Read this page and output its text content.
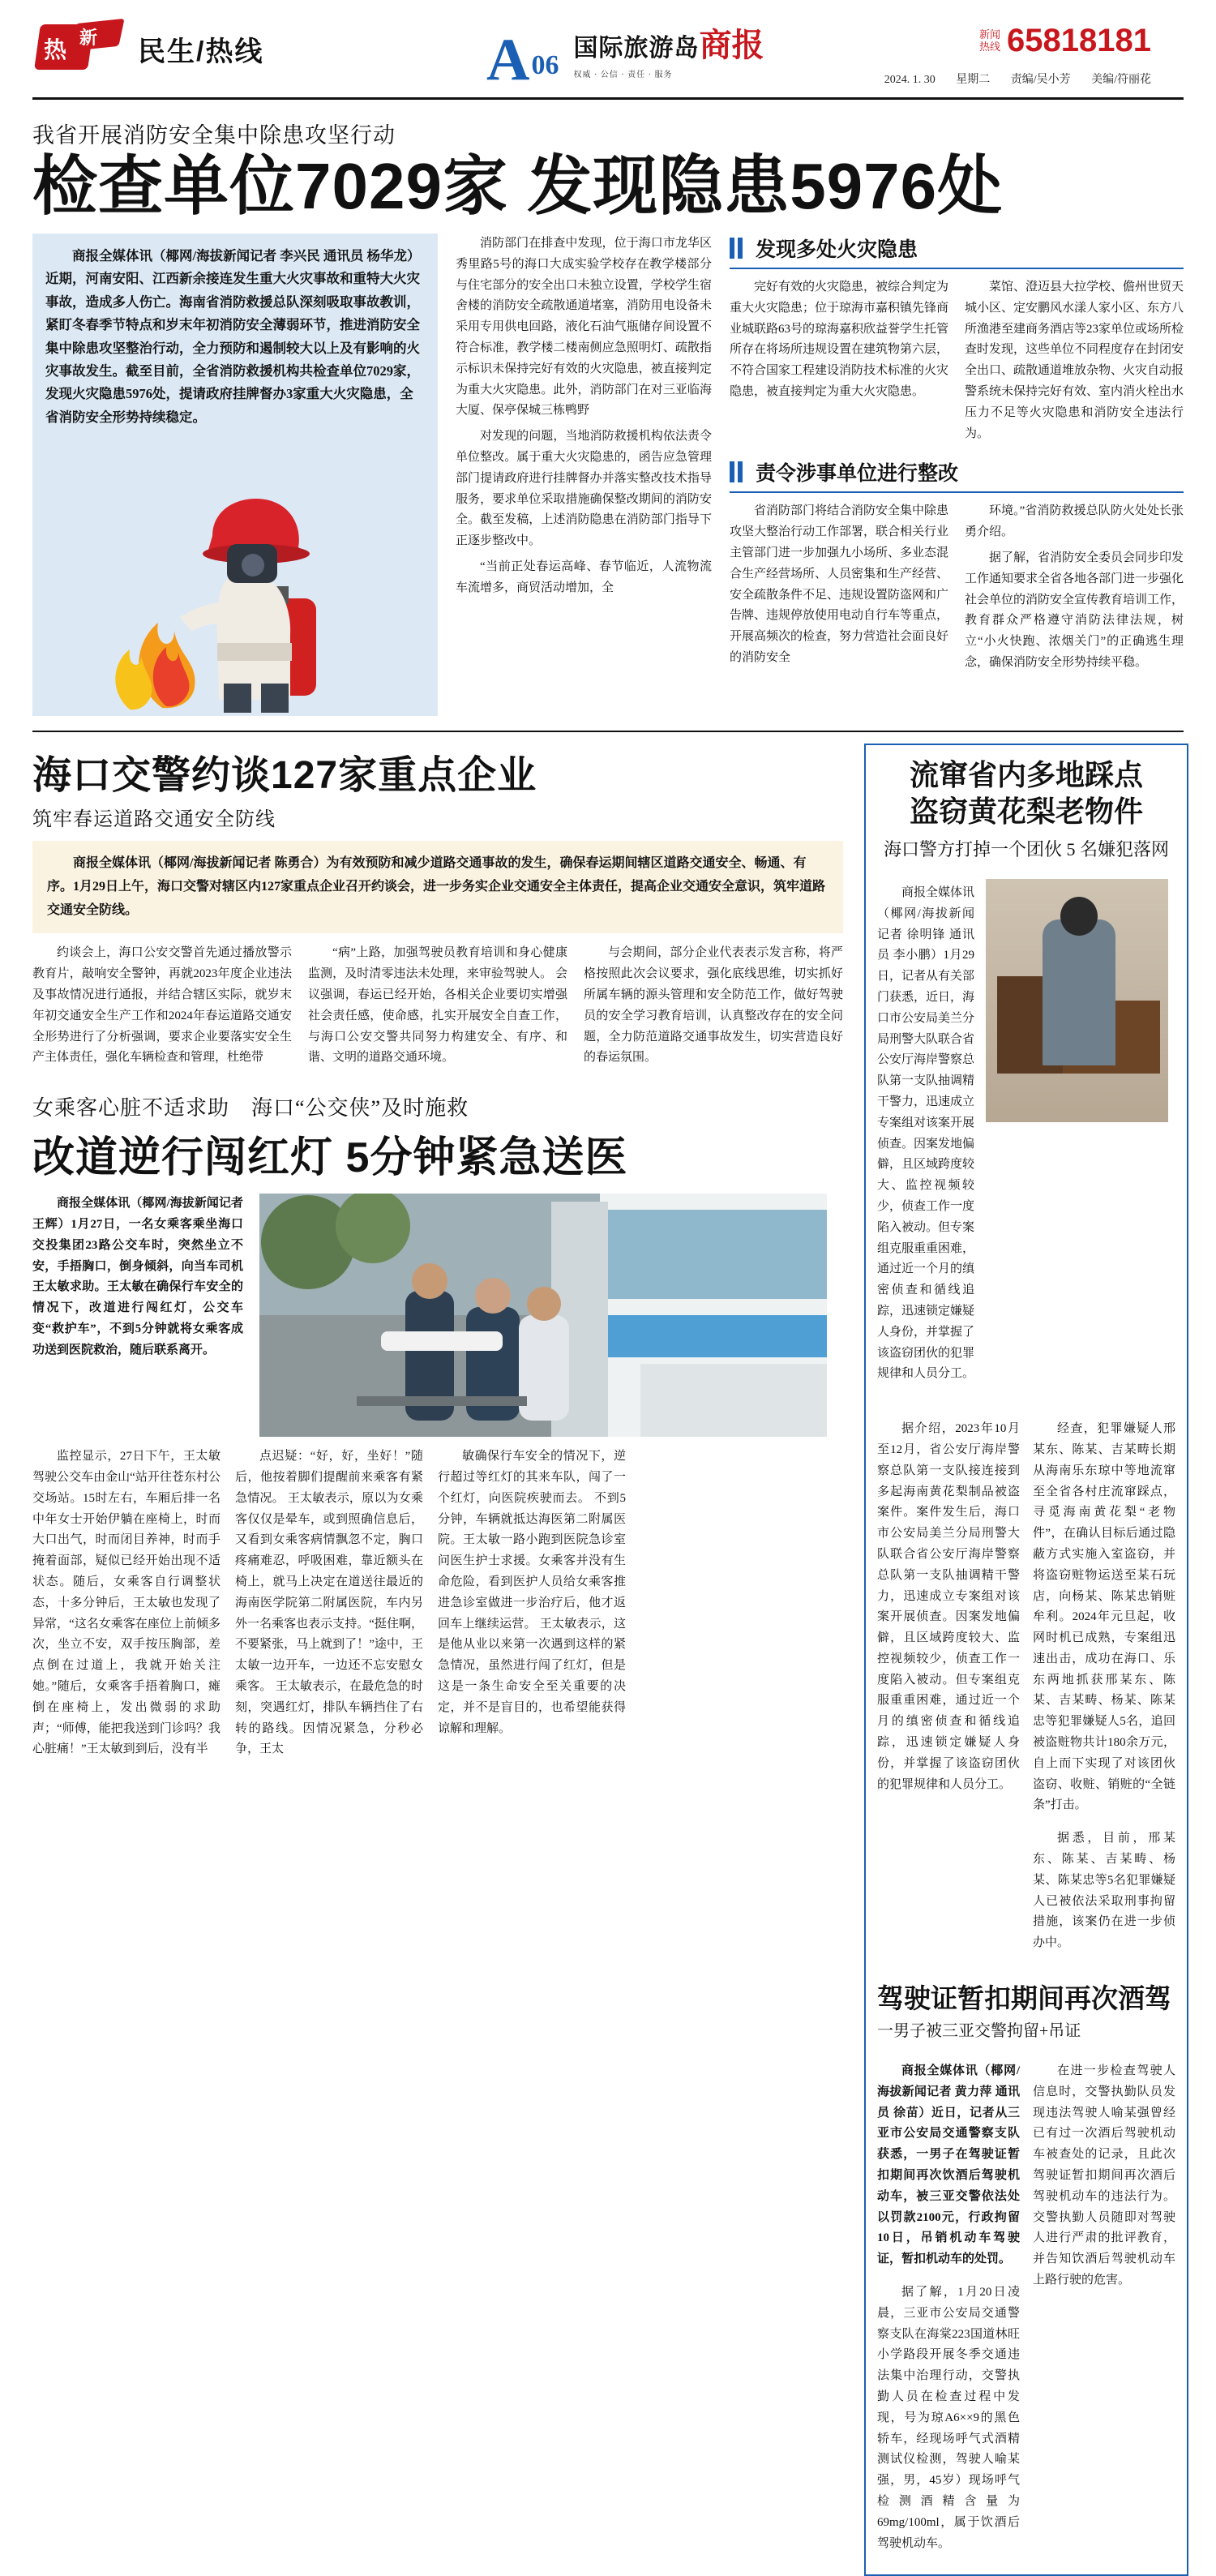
热 新 民生/热线	A 06
国际旅游岛商报
权威 · 公信 · 责任 · 服务
新闻
热线 65818181
2024. 1. 30 星期二 责编/吴小芳 美编/符丽花
我省开展消防安全集中除患攻坚行动
检查单位7029家 发现隐患5976处
商报全媒体讯（椰网/海拔新闻记者 李兴民 通讯员 杨华龙）近期，河南安阳、江西新余接连发生重大火灾事故和重特大火灾事故，造成多人伤亡。海南省消防救援总队深刻吸取事故教训，紧盯冬春季节特点和岁末年初消防安全薄弱环节，推进消防安全集中除患攻坚整治行动，全力预防和遏制较大以上及有影响的火灾事故发生。截至目前，全省消防救援机构共检查单位7029家，发现火灾隐患5976处，提请政府挂牌督办3家重大火灾隐患，全省消防安全形势持续稳定。

消防部门在排查中发现，位于海口市龙华区秀里路5号的海口大成实验学校存在教学楼部分与住宅部分的安全出口未独立设置，学校学生宿舍楼的消防安全疏散通道堵塞，消防用电设备未采用专用供电回路，液化石油气瓶储存间设置不符合标准，教学楼二楼南侧应急照明灯、疏散指示标识未保持完好有效的火灾隐患，被直接判定为重大火灾隐患。此外，消防部门在对三亚临海大厦、保亭保城三栋鸭野

对发现的问题，当地消防救援机构依法责令单位整改。属于重大火灾隐患的，函告应急管理部门提请政府进行挂牌督办并落实整改技术指导服务，要求单位采取措施确保整改期间的消防安全。截至发稿，上述消防隐患在消防部门指导下正逐步整改中。

“当前正处春运高峰、春节临近，人流物流车流增多，商贸活动增加，全

发现多处火灾隐患

完好有效的火灾隐患，被综合判定为重大火灾隐患；位于琼海市嘉积镇先锋商业城联路63号的琼海嘉积欣益誉学生托管所存在将场所违规设置在建筑物第六层，不符合国家工程建设消防技术标准的火灾隐患，被直接判定为重大火灾隐患。

菜馆、澄迈县大拉学校、儋州世贸天城小区、定安鹏风水漾人家小区、东方八所渔港至建商务酒店等23家单位或场所检查时发现，这些单位不同程度存在封闭安全出口、疏散通道堆放杂物、火灾自动报警系统未保持完好有效、室内消火栓出水压力不足等火灾隐患和消防安全违法行为。

责令涉事单位进行整改

省消防部门将结合消防安全集中除患攻坚大整治行动工作部署，联合相关行业主管部门进一步加强九小场所、多业态混合生产经营场所、人员密集和生产经营、安全疏散条件不足、违规设置防盗网和广告牌、违规停放使用电动自行车等重点，开展高频次的检查，努力营造社会面良好的消防安全

环境。”省消防救援总队防火处处长张勇介绍。

据了解，省消防安全委员会同步印发工作通知要求全省各地各部门进一步强化社会单位的消防安全宣传教育培训工作，教育群众严格遵守消防法律法规，树立“小火快跑、浓烟关门”的正确逃生理念，确保消防安全形势持续平稳。

海口交警约谈127家重点企业
筑牢春运道路交通安全防线
商报全媒体讯（椰网/海拔新闻记者 陈勇合）为有效预防和减少道路交通事故的发生，确保春运期间辖区道路交通安全、畅通、有序。1月29日上午，海口交警对辖区内127家重点企业召开约谈会，进一步务实企业交通安全主体责任，提高企业交通安全意识，筑牢道路交通安全防线。

约谈会上，海口公安交警首先通过播放警示教育片，敲响安全警钟，再就2023年度企业违法及事故情况进行通报，并结合辖区实际，就岁末年初交通安全生产工作和2024年春运道路交通安全形势进行了分析强调，要求企业要落实安全生产主体责任，强化车辆检查和管理，杜绝带

“病”上路，加强驾驶员教育培训和身心健康监测，及时清零违法未处理，来审验驾驶人。 会议强调，春运已经开始，各相关企业要切实增强社会责任感，使命感，扎实开展安全自查工作，与海口公安交警共同努力构建安全、有序、和谐、文明的道路交通环境。

与会期间，部分企业代表表示发言称，将严格按照此次会议要求，强化底线思维，切实抓好所属车辆的源头管理和安全防范工作，做好驾驶员的安全学习教育培训，认真整改存在的安全问题，全力防范道路交通事故发生，切实营造良好的春运氛围。

女乘客心脏不适求助　海口“公交侠”及时施救
改道逆行闯红灯 5分钟紧急送医

商报全媒体讯（椰网/海拔新闻记者 王辉）1月27日，一名女乘客乘坐海口交投集团23路公交车时，突然坐立不安，手捂胸口，倒身倾斜，向当车司机王太敏求助。王太敏在确保行车安全的情况下，改道进行闯红灯，公交车变“救护车”，不到5分钟就将女乘客成功送到医院救治，随后联系离开。

监控显示，27日下午，王太敏驾驶公交车由金山“站开往苍东村公交场站。15时左右，车厢后排一名中年女士开始伊躺在座椅上，时而大口出气，时而闭目养神，时而手掩着面部，疑似已经开始出现不适状态。随后，女乘客自行调整状态，十多分钟后，王太敏也发现了异常，“这名女乘客在座位上前倾多次，坐立不安，双手按压胸部，差点倒在过道上，我就开始关注她。”随后，女乘客手捂着胸口，瘫倒在座椅上，发出微弱的求助声；“师傅，能把我送到门诊吗？我心脏痛！”王太敏到到后，没有半

点迟疑：“好，好，坐好！”随后，他按着脚们提醒前来乘客有紧急情况。 王太敏表示，原以为女乘客仅仅是晕车，或到照确信息后，又看到女乘客病情飘忽不定，胸口疼痛难忍，呼吸困难，靠近额头在椅上，就马上决定在道送往最近的海南医学院第二附属医院，车内另外一名乘客也表示支持。“挺住啊，不要紧张，马上就到了！”途中，王太敏一边开车，一边还不忘安慰女乘客。 王太敏表示，在最危急的时刻，突遇红灯，排队车辆挡住了右转的路线。因情况紧急，分秒必争，王太

敏确保行车安全的情况下，逆行超过等红灯的其来车队，闯了一个红灯，向医院疾驶而去。 不到5分钟，车辆就抵达海医第二附属医院。王太敏一路小跑到医院急诊室问医生护士求援。女乘客并没有生命危险，看到医护人员给女乘客推进急诊室做进一步治疗后，他才返回车上继续运营。 王太敏表示，这是他从业以来第一次遇到这样的紧急情况，虽然进行闯了红灯，但是这是一条生命安全至关重要的决定，并不是盲目的，也希望能获得谅解和理解。

流窜省内多地踩点
盗窃黄花梨老物件
海口警方打掉一个团伙 5 名嫌犯落网

商报全媒体讯（椰网/海拔新闻记者 徐明锋 通讯员 李小鹏）1月29日，记者从有关部门获悉，近日，海口市公安局美兰分局刑警大队联合省公安厅海岸警察总队第一支队抽调精干警力，迅速成立专案组对该案开展侦查。因案发地偏僻，且区域跨度较大、监控视频较少，侦查工作一度陷入被动。但专案组克服重重困难，通过近一个月的缜密侦查和循线追踪，迅速锁定嫌疑人身份，并掌握了该盗窃团伙的犯罪规律和人员分工。

据介绍，2023年10月至12月，省公安厅海岸警察总队第一支队接连接到多起海南黄花梨制品被盗案件。案件发生后，海口市公安局美兰分局刑警大队联合省公安厅海岸警察总队第一支队抽调精干警力，迅速成立专案组对该案开展侦查。因案发地偏僻，且区域跨度较大、监控视频较少，侦查工作一度陷入被动。但专案组克服重重困难，通过近一个月的缜密侦查和循线追踪，迅速锁定嫌疑人身份，并掌握了该盗窃团伙的犯罪规律和人员分工。

经查，犯罪嫌疑人邢某东、陈某、吉某畴长期从海南乐东琼中等地流窜至全省各村庄流窜踩点，寻觅海南黄花梨“老物件”，在确认目标后通过隐蔽方式实施入室盗窃，并将盗窃赃物运送至某石玩店，向杨某、陈某忠销赃牟利。2024年元旦起，收网时机已成熟，专案组迅速出击，成功在海口、乐东两地抓获邢某东、陈某、吉某畴、杨某、陈某忠等犯罪嫌疑人5名，追回被盗赃物共计180余万元，自上而下实现了对该团伙盗窃、收赃、销赃的“全链条”打击。

据悉，目前，邢某东、陈某、吉某畴、杨某、陈某忠等5名犯罪嫌疑人已被依法采取刑事拘留措施，该案仍在进一步侦办中。

驾驶证暂扣期间再次酒驾
一男子被三亚交警拘留+吊证

商报全媒体讯（椰网/海拔新闻记者 黄力萍 通讯员 徐苗）近日，记者从三亚市公安局交通警察支队获悉，一男子在驾驶证暂扣期间再次饮酒后驾驶机动车，被三亚交警依法处以罚款2100元，行政拘留10日，吊销机动车驾驶证，暂扣机动车的处罚。

据了解，1月20日凌晨，三亚市公安局交通警察支队在海棠223国道林旺小学路段开展冬季交通违法集中治理行动，交警执勤人员在检查过程中发现，号为琼A6××9的黑色轿车，经现场呼气式酒精测试仪检测，驾驶人喻某强，男，45岁）现场呼气检测酒精含量为69mg/100ml，属于饮酒后驾驶机动车。

在进一步检查驾驶人信息时，交警执勤队员发现违法驾驶人喻某强曾经已有过一次酒后驾驶机动车被查处的记录，且此次驾驶证暂扣期间再次酒后驾驶机动车的违法行为。交警执勤人员随即对驾驶人进行严肃的批评教育，并告知饮酒后驾驶机动车上路行驶的危害。
